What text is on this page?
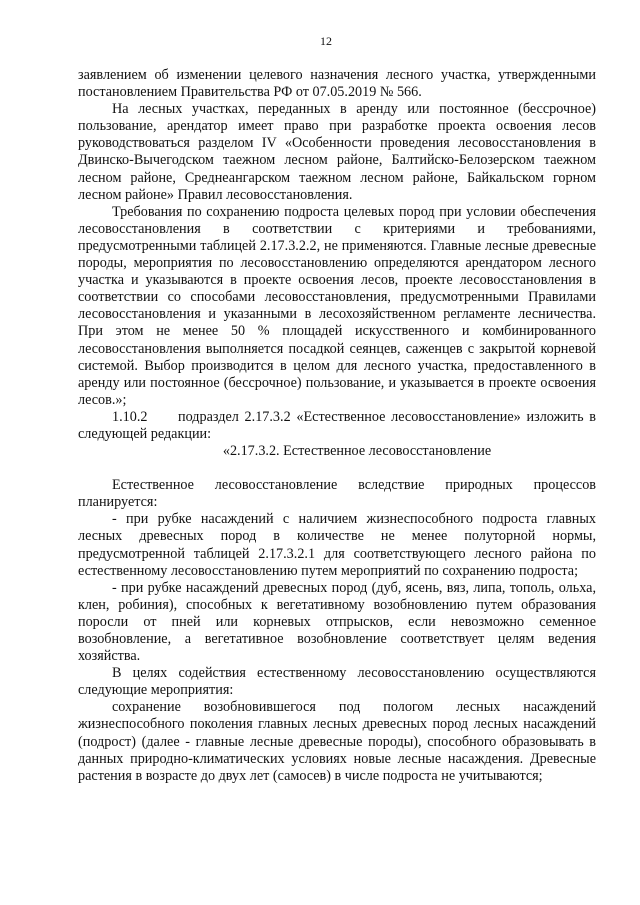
12

заявлением об изменении целевого назначения лесного участка, утвержденными постановлением Правительства РФ от 07.05.2019 № 566.

На лесных участках, переданных в аренду или постоянное (бессрочное) пользование, арендатор имеет право при разработке проекта освоения лесов руководствоваться разделом IV «Особенности проведения лесовосстановления в Двинско-Вычегодском таежном лесном районе, Балтийско-Белозерском таежном лесном районе, Среднеангарском таежном лесном районе, Байкальском горном лесном районе» Правил лесовосстановления.

Требования по сохранению подроста целевых пород при условии обеспечения лесовосстановления в соответствии с критериями и требованиями, предусмотренными таблицей 2.17.3.2.2, не применяются. Главные лесные древесные породы, мероприятия по лесовосстановлению определяются арендатором лесного участка и указываются в проекте освоения лесов, проекте лесовосстановления в соответствии со способами лесовосстановления, предусмотренными Правилами лесовосстановления и указанными в лесохозяйственном регламенте лесничества. При этом не менее 50 % площадей искусственного и комбинированного лесовосстановления выполняется посадкой сеянцев, саженцев с закрытой корневой системой. Выбор производится в целом для лесного участка, предоставленного в аренду или постоянное (бессрочное) пользование, и указывается в проекте освоения лесов.»;

1.10.2 подраздел 2.17.3.2 «Естественное лесовосстановление» изложить в следующей редакции:

«2.17.3.2. Естественное лесовосстановление

Естественное лесовосстановление вследствие природных процессов планируется:

- при рубке насаждений с наличием жизнеспособного подроста главных лесных древесных пород в количестве не менее полуторной нормы, предусмотренной таблицей 2.17.3.2.1 для соответствующего лесного района по естественному лесовосстановлению путем мероприятий по сохранению подроста;

- при рубке насаждений древесных пород (дуб, ясень, вяз, липа, тополь, ольха, клен, робиния), способных к вегетативному возобновлению путем образования поросли от пней или корневых отпрысков, если невозможно семенное возобновление, а вегетативное возобновление соответствует целям ведения хозяйства.

В целях содействия естественному лесовосстановлению осуществляются следующие мероприятия:

сохранение возобновившегося под пологом лесных насаждений жизнеспособного поколения главных лесных древесных пород лесных насаждений (подрост) (далее - главные лесные древесные породы), способного образовывать в данных природно-климатических условиях новые лесные насаждения. Древесные растения в возрасте до двух лет (самосев) в числе подроста не учитываются;
